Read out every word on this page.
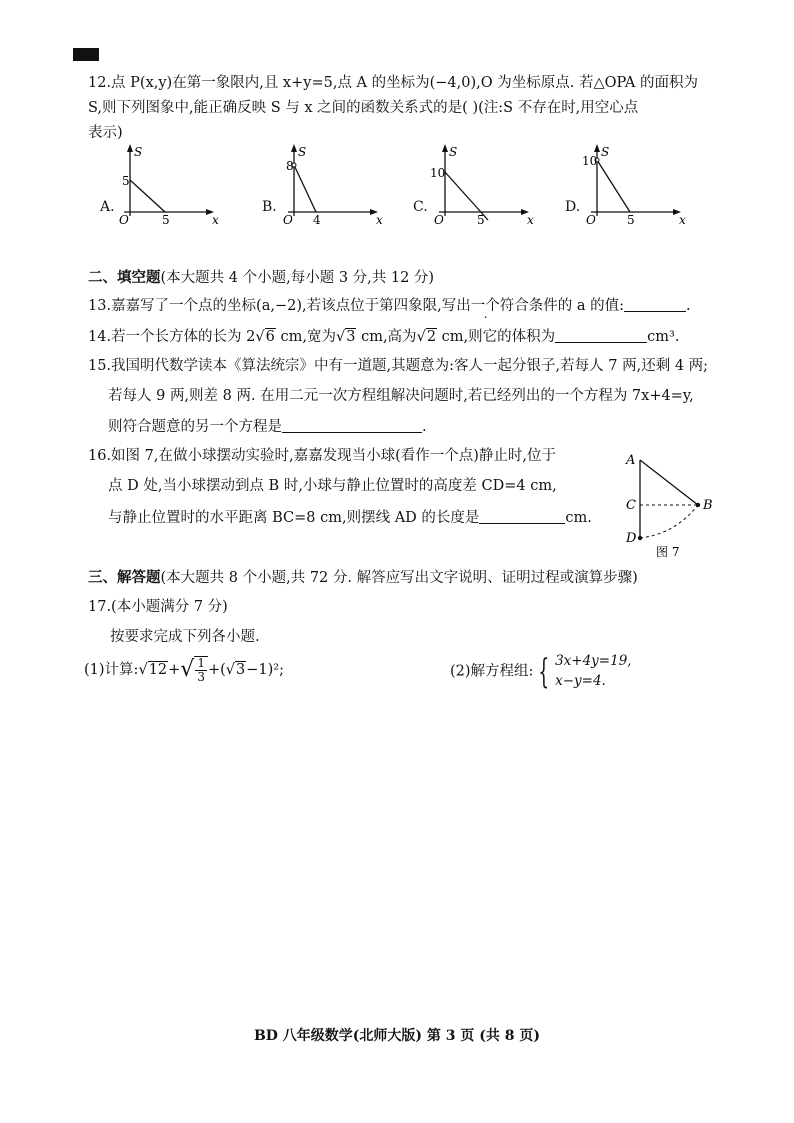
12.点 P(x,y)在第一象限内,且 x+y=5,点 A 的坐标为(−4,0),O 为坐标原点. 若△OPA 的面积为
S,则下列图象中,能正确反映 S 与 x 之间的函数关系式的是( )(注:S 不存在时,用空心点
表示)
S
x
O
5
5
A.
S
x
O
8
4
B.
S
x
O
10
5
C.
S
x
O
10
5
D.
二、填空题(本大题共 4 个小题,每小题 3 分,共 12 分)
13.嘉嘉写了一个点的坐标(a,−2),若该点位于第四象限,写出一个符合条件的 a 的值:	.
14.若一个长方体的长为 2√6 cm,宽为√3 cm,高为√2 cm,则它的体积为	cm³.
15.我国明代数学读本《算法统宗》中有一道题,其题意为:客人一起分银子,若每人 7 两,还剩 4 两;
若每人 9 两,则差 8 两. 在用二元一次方程组解决问题时,若已经列出的一个方程为 7x+4=y,
则符合题意的另一个方程是	.
16.如图 7,在做小球摆动实验时,嘉嘉发现当小球(看作一个点)静止时,位于
点 D 处,当小球摆动到点 B 时,小球与静止位置时的高度差 CD=4 cm,
与静止位置时的水平距离 BC=8 cm,则摆线 AD 的长度是	cm.
A
C
D
B
图 7
三、解答题(本大题共 8 个小题,共 72 分. 解答应写出文字说明、证明过程或演算步骤)
17.(本小题满分 7 分)
按要求完成下列各小题.
(1)计算:√12+√ $\frac{1}{3}+(√3-1)^2$;	(2)解方程组: { 3x+4y=19,
x−y=4.
BD 八年级数学(北师大版) 第 3 页 (共 8 页)
